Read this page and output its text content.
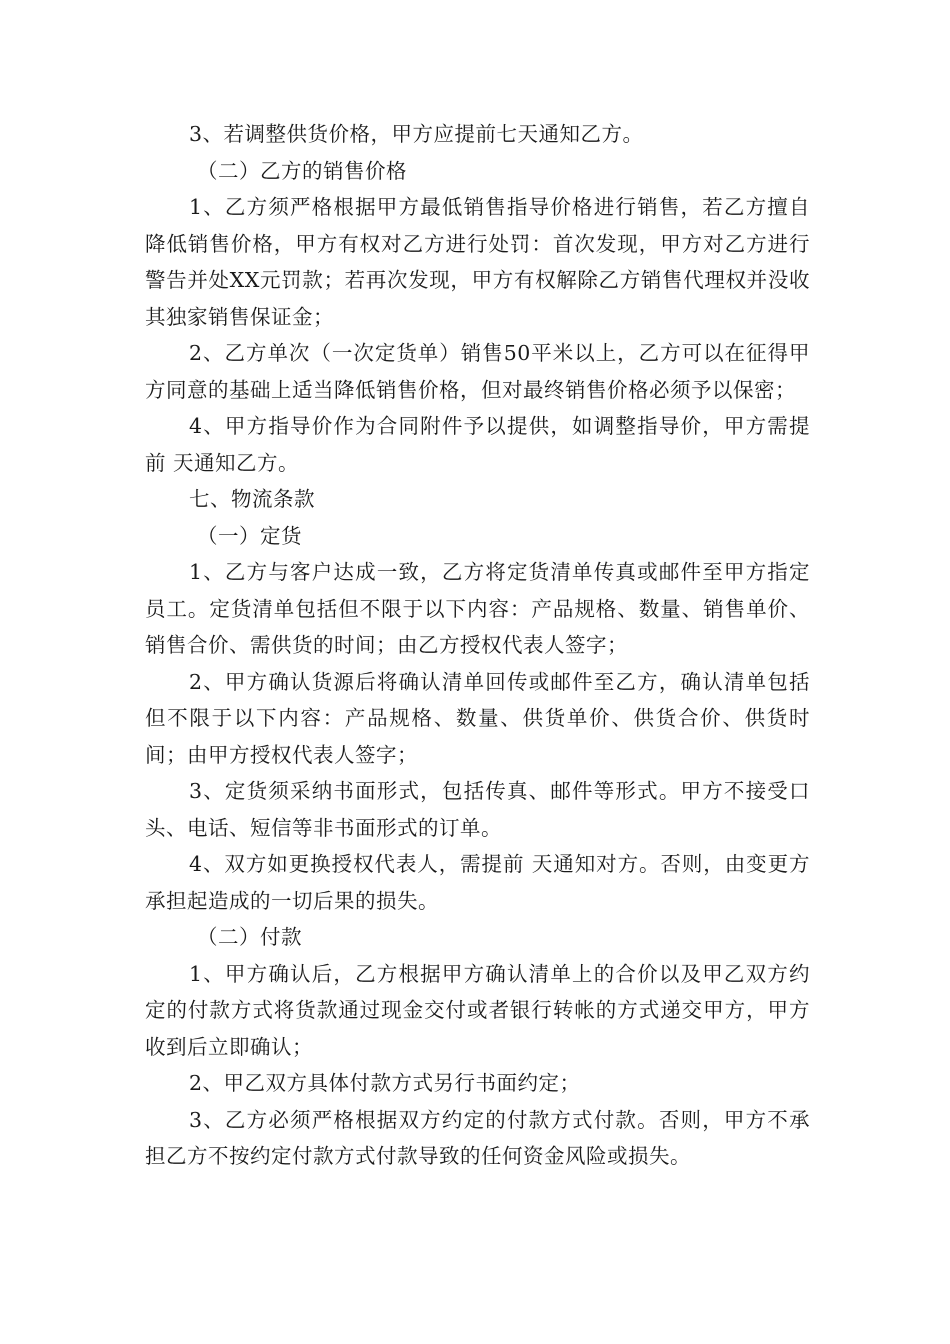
3、若调整供货价格，甲方应提前七天通知乙方。

（二）乙方的销售价格

1、乙方须严格根据甲方最低销售指导价格进行销售，若乙方擅自降低销售价格，甲方有权对乙方进行处罚：首次发现，甲方对乙方进行警告并处XX元罚款；若再次发现，甲方有权解除乙方销售代理权并没收其独家销售保证金；

2、乙方单次（一次定货单）销售50平米以上，乙方可以在征得甲方同意的基础上适当降低销售价格，但对最终销售价格必须予以保密；

4、甲方指导价作为合同附件予以提供，如调整指导价，甲方需提前 天通知乙方。

七、物流条款

（一）定货

1、乙方与客户达成一致，乙方将定货清单传真或邮件至甲方指定员工。定货清单包括但不限于以下内容：产品规格、数量、销售单价、销售合价、需供货的时间；由乙方授权代表人签字；

2、甲方确认货源后将确认清单回传或邮件至乙方，确认清单包括但不限于以下内容：产品规格、数量、供货单价、供货合价、供货时间；由甲方授权代表人签字；

3、定货须采纳书面形式，包括传真、邮件等形式。甲方不接受口头、电话、短信等非书面形式的订单。

4、双方如更换授权代表人，需提前 天通知对方。否则，由变更方承担起造成的一切后果的损失。

（二）付款

1、甲方确认后，乙方根据甲方确认清单上的合价以及甲乙双方约定的付款方式将货款通过现金交付或者银行转帐的方式递交甲方，甲方收到后立即确认；

2、甲乙双方具体付款方式另行书面约定；

3、乙方必须严格根据双方约定的付款方式付款。否则，甲方不承担乙方不按约定付款方式付款导致的任何资金风险或损失。
